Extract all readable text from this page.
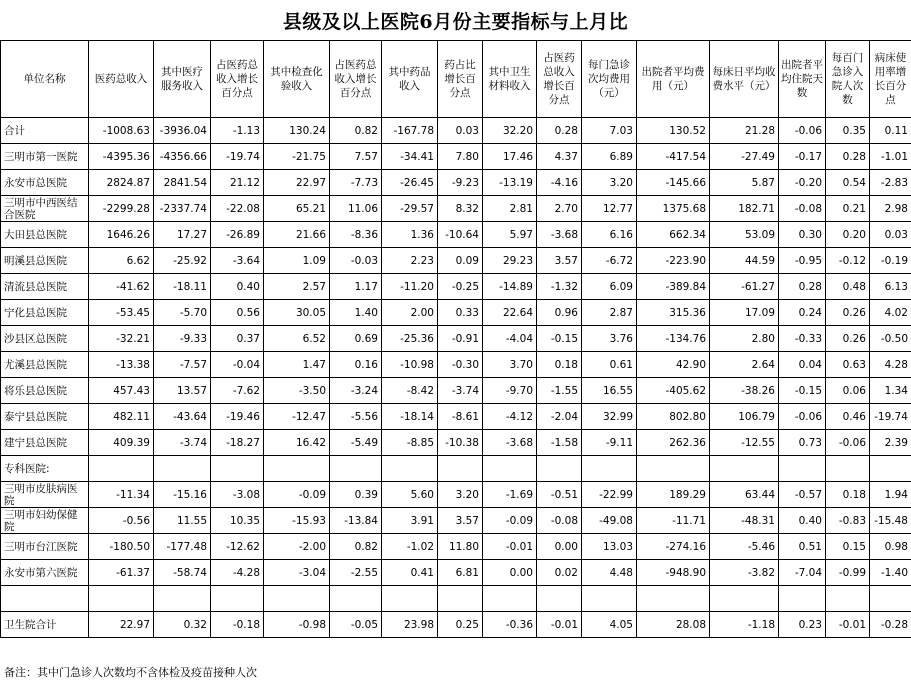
县级及以上医院6月份主要指标与上月比
单位名称	医药总收入	其中医疗服务收入	占医药总收入增长百分点	其中检查化验收入	占医药总收入增长百分点	其中药品收入	药占比增长百分点	其中卫生材料收入	占医药总收入增长百分点	每门急诊次均费用（元）	出院者平均费用（元）	每床日平均收费水平（元）	出院者平均住院天数	每百门急诊入院人次数	病床使用率增长百分点
合计	-1008.63	-3936.04	-1.13	130.24	0.82	-167.78	0.03	32.20	0.28	7.03	130.52	21.28	-0.06	0.35	0.11
三明市第一医院	-4395.36	-4356.66	-19.74	-21.75	7.57	-34.41	7.80	17.46	4.37	6.89	-417.54	-27.49	-0.17	0.28	-1.01
永安市总医院	2824.87	2841.54	21.12	22.97	-7.73	-26.45	-9.23	-13.19	-4.16	3.20	-145.66	5.87	-0.20	0.54	-2.83
三明市中西医结合医院	-2299.28	-2337.74	-22.08	65.21	11.06	-29.57	8.32	2.81	2.70	12.77	1375.68	182.71	-0.08	0.21	2.98
大田县总医院	1646.26	17.27	-26.89	21.66	-8.36	1.36	-10.64	5.97	-3.68	6.16	662.34	53.09	0.30	0.20	0.03
明溪县总医院	6.62	-25.92	-3.64	1.09	-0.03	2.23	0.09	29.23	3.57	-6.72	-223.90	44.59	-0.95	-0.12	-0.19
清流县总医院	-41.62	-18.11	0.40	2.57	1.17	-11.20	-0.25	-14.89	-1.32	6.09	-389.84	-61.27	0.28	0.48	6.13
宁化县总医院	-53.45	-5.70	0.56	30.05	1.40	2.00	0.33	22.64	0.96	2.87	315.36	17.09	0.24	0.26	4.02
沙县区总医院	-32.21	-9.33	0.37	6.52	0.69	-25.36	-0.91	-4.04	-0.15	3.76	-134.76	2.80	-0.33	0.26	-0.50
尤溪县总医院	-13.38	-7.57	-0.04	1.47	0.16	-10.98	-0.30	3.70	0.18	0.61	42.90	2.64	0.04	0.63	4.28
将乐县总医院	457.43	13.57	-7.62	-3.50	-3.24	-8.42	-3.74	-9.70	-1.55	16.55	-405.62	-38.26	-0.15	0.06	1.34
泰宁县总医院	482.11	-43.64	-19.46	-12.47	-5.56	-18.14	-8.61	-4.12	-2.04	32.99	802.80	106.79	-0.06	0.46	-19.74
建宁县总医院	409.39	-3.74	-18.27	16.42	-5.49	-8.85	-10.38	-3.68	-1.58	-9.11	262.36	-12.55	0.73	-0.06	2.39
专科医院:															
三明市皮肤病医院	-11.34	-15.16	-3.08	-0.09	0.39	5.60	3.20	-1.69	-0.51	-22.99	189.29	63.44	-0.57	0.18	1.94
三明市妇幼保健院	-0.56	11.55	10.35	-15.93	-13.84	3.91	3.57	-0.09	-0.08	-49.08	-11.71	-48.31	0.40	-0.83	-15.48
三明市台江医院	-180.50	-177.48	-12.62	-2.00	0.82	-1.02	11.80	-0.01	0.00	13.03	-274.16	-5.46	0.51	0.15	0.98
永安市第六医院	-61.37	-58.74	-4.28	-3.04	-2.55	0.41	6.81	0.00	0.02	4.48	-948.90	-3.82	-7.04	-0.99	-1.40

卫生院合计	22.97	0.32	-0.18	-0.98	-0.05	23.98	0.25	-0.36	-0.01	4.05	28.08	-1.18	0.23	-0.01	-0.28
备注：其中门急诊人次数均不含体检及疫苗接种人次
